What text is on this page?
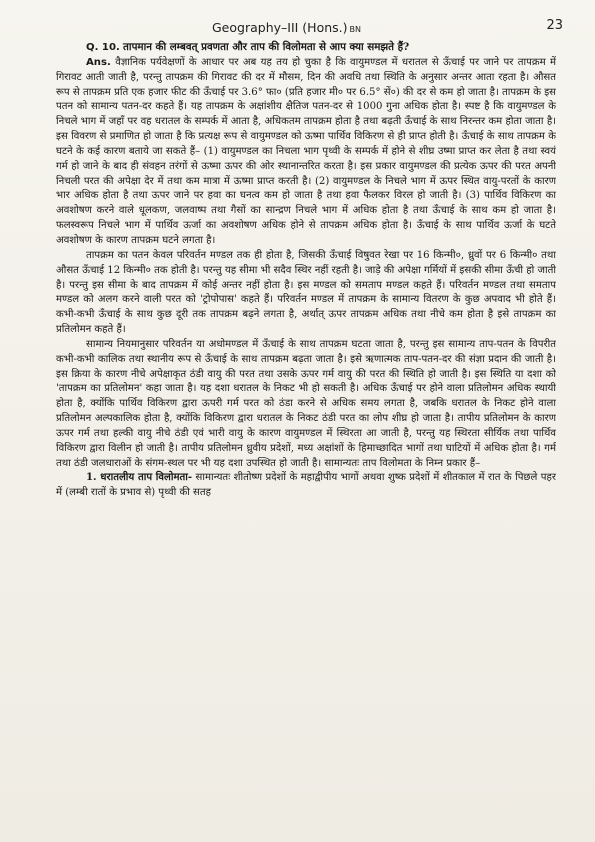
Geography–III (Hons.) BN	23

Q. 10. तापमान की लम्बवत् प्रवणता और ताप की विलोमता से आप क्या समझते हैं?

Ans. वैज्ञानिक पर्यवेक्षणों के आधार पर अब यह तय हो चुका है कि वायुमण्डल में धरातल से ऊँचाई पर जाने पर तापक्रम में गिरावट आती जाती है, परन्तु तापक्रम की गिरावट की दर में मौसम, दिन की अवधि तथा स्थिति के अनुसार अन्तर आता रहता है। औसत रूप से तापक्रम प्रति एक हजार फीट की ऊँचाई पर 3.6° फा० (प्रति हजार मी० पर 6.5° सें०) की दर से कम हो जाता है। तापक्रम के इस पतन को सामान्य पतन-दर कहते हैं। यह तापक्रम के अक्षांशीय क्षैतिज पतन-दर से 1000 गुना अधिक होता है। स्पष्ट है कि वायुमण्डल के निचले भाग में जहाँ पर वह धरातल के सम्पर्क में आता है, अधिकतम तापक्रम होता है तथा बढ़ती ऊँचाई के साथ निरन्तर कम होता जाता है। इस विवरण से प्रमाणित हो जाता है कि प्रत्यक्ष रूप से वायुमण्डल को ऊष्मा पार्थिव विकिरण से ही प्राप्त होती है। ऊँचाई के साथ तापक्रम के घटने के कई कारण बताये जा सकते हैं– (1) वायुमण्डल का निचला भाग पृथ्वी के सम्पर्क में होने से शीघ्र उष्मा प्राप्त कर लेता है तथा स्वयं गर्म हो जाने के बाद ही संवहन तरंगों से ऊष्मा ऊपर की ओर स्थानान्तरित करता है। इस प्रकार वायुमण्डल की प्रत्येक ऊपर की परत अपनी निचली परत की अपेक्षा देर में तथा कम मात्रा में ऊष्मा प्राप्त करती है। (2) वायुमण्डल के निचले भाग में ऊपर स्थित वायु-परतों के कारण भार अधिक होता है तथा ऊपर जाने पर हवा का घनत्व कम हो जाता है तथा हवा फैलकर विरल हो जाती है। (3) पार्थिव विकिरण का अवशोषण करने वाले धूलकण, जलवाष्प तथा गैसों का सान्द्रण निचले भाग में अधिक होता है तथा ऊँचाई के साथ कम हो जाता है। फलस्वरूप निचले भाग में पार्थिव ऊर्जा का अवशोषण अधिक होने से तापक्रम अधिक होता है। ऊँचाई के साथ पार्थिव ऊर्जा के घटते अवशोषण के कारण तापक्रम घटने लगता है।

तापक्रम का पतन केवल परिवर्तन मण्डल तक ही होता है, जिसकी ऊँचाई विषुवत रेखा पर 16 किन्मी०, ध्रुवों पर 6 किन्मी० तथा औसत ऊँचाई 12 किन्मी० तक होती है। परन्तु यह सीमा भी सदैव स्थिर नहीं रहती है। जाड़े की अपेक्षा गर्मियों में इसकी सीमा ऊँची हो जाती है। परन्तु इस सीमा के बाद तापक्रम में कोई अन्तर नहीं होता है। इस मण्डल को समताप मण्डल कहते हैं। परिवर्तन मण्डल तथा समताप मण्डल को अलग करने वाली परत को 'ट्रोपोपास' कहते हैं। परिवर्तन मण्डल में तापक्रम के सामान्य वितरण के कुछ अपवाद भी होते हैं। कभी-कभी ऊँचाई के साथ कुछ दूरी तक तापक्रम बढ़ने लगता है, अर्थात् ऊपर तापक्रम अधिक तथा नीचे कम होता है इसे तापक्रम का प्रतिलोमन कहते हैं।

सामान्य नियमानुसार परिवर्तन या अधोमण्डल में ऊँचाई के साथ तापक्रम घटता जाता है, परन्तु इस सामान्य ताप-पतन के विपरीत कभी-कभी कालिक तथा स्थानीय रूप से ऊँचाई के साथ तापक्रम बढ़ता जाता है। इसे ऋणात्मक ताप-पतन-दर की संज्ञा प्रदान की जाती है। इस क्रिया के कारण नीचे अपेक्षाकृत ठंडी वायु की परत तथा उसके ऊपर गर्म वायु की परत की स्थिति हो जाती है। इस स्थिति या दशा को 'तापक्रम का प्रतिलोमन' कहा जाता है। यह दशा धरातल के निकट भी हो सकती है। अधिक ऊँचाई पर होने वाला प्रतिलोमन अधिक स्थायी होता है, क्योंकि पार्थिव विकिरण द्वारा ऊपरी गर्म परत को ठंडा करने से अधिक समय लगता है, जबकि धरातल के निकट होने वाला प्रतिलोमन अल्पकालिक होता है, क्योंकि विकिरण द्वारा धरातल के निकट ठंडी परत का लोप शीघ्र हो जाता है। तापीय प्रतिलोमन के कारण ऊपर गर्म तथा हल्की वायु नीचे ठंडी एवं भारी वायु के कारण वायुमण्डल में स्थिरता आ जाती है, परन्तु यह स्थिरता सीर्यिक तथा पार्थिव विकिरण द्वारा विलीन हो जाती है। तापीय प्रतिलोमन ध्रुवीय प्रदेशों, मध्य अक्षांशों के हिमाच्छादित भागों तथा घाटियों में अधिक होता है। गर्म तथा ठंडी जलधाराओं के संगम-स्थल पर भी यह दशा उपस्थित हो जाती है। सामान्यतः ताप विलोमता के निम्न प्रकार हैं–

1. धरातलीय ताप विलोमता- सामान्यतः शीतोष्ण प्रदेशों के महाद्वीपीय भागों अथवा शुष्क प्रदेशों में शीतकाल में रात के पिछले पहर में (लम्बी रातों के प्रभाव से) पृथ्वी की सतह
